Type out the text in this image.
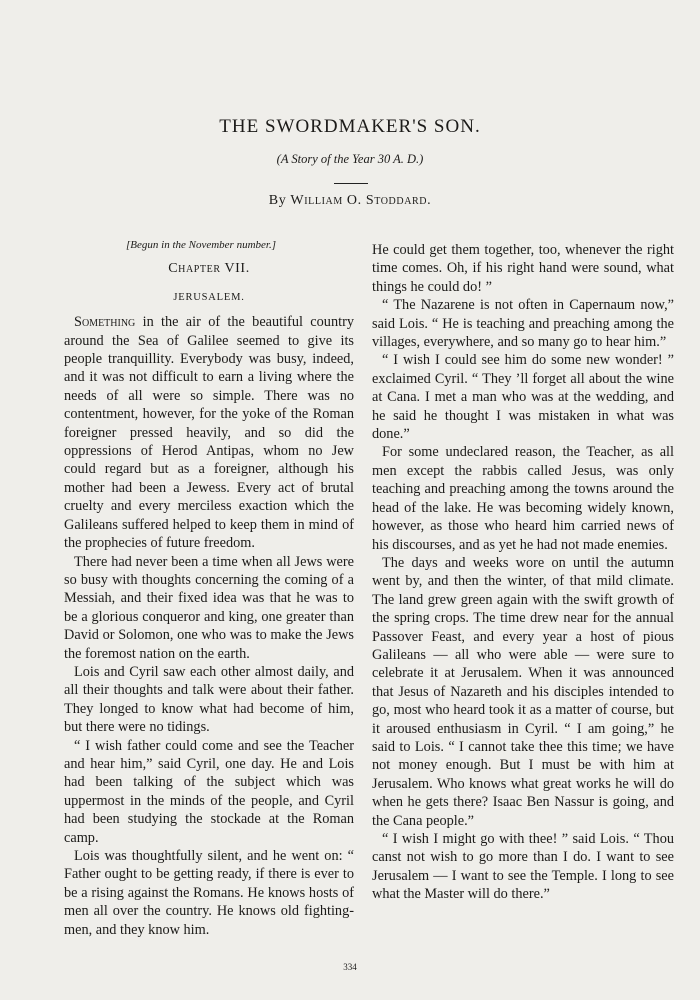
THE SWORDMAKER'S SON.
(A Story of the Year 30 A. D.)
By William O. Stoddard.
[Begun in the November number.]
Chapter VII.
JERUSALEM.

Something in the air of the beautiful country around the Sea of Galilee seemed to give its people tranquillity. Everybody was busy, indeed, and it was not difficult to earn a living where the needs of all were so simple. There was no contentment, however, for the yoke of the Roman foreigner pressed heavily, and so did the oppressions of Herod Antipas, whom no Jew could regard but as a foreigner, although his mother had been a Jewess. Every act of brutal cruelty and every merciless exaction which the Galileans suffered helped to keep them in mind of the prophecies of future freedom.

There had never been a time when all Jews were so busy with thoughts concerning the coming of a Messiah, and their fixed idea was that he was to be a glorious conqueror and king, one greater than David or Solomon, one who was to make the Jews the foremost nation on the earth.

Lois and Cyril saw each other almost daily, and all their thoughts and talk were about their father. They longed to know what had become of him, but there were no tidings.

“ I wish father could come and see the Teacher and hear him,” said Cyril, one day. He and Lois had been talking of the subject which was uppermost in the minds of the people, and Cyril had been studying the stockade at the Roman camp.

Lois was thoughtfully silent, and he went on: “ Father ought to be getting ready, if there is ever to be a rising against the Romans. He knows hosts of men all over the country. He knows old fighting-men, and they know him.

He could get them together, too, whenever the right time comes. Oh, if his right hand were sound, what things he could do! ”

“ The Nazarene is not often in Capernaum now,” said Lois. “ He is teaching and preaching among the villages, everywhere, and so many go to hear him.”

“ I wish I could see him do some new wonder! ” exclaimed Cyril. “ They ’ll forget all about the wine at Cana. I met a man who was at the wedding, and he said he thought I was mistaken in what was done.”

For some undeclared reason, the Teacher, as all men except the rabbis called Jesus, was only teaching and preaching among the towns around the head of the lake. He was becoming widely known, however, as those who heard him carried news of his discourses, and as yet he had not made enemies.

The days and weeks wore on until the autumn went by, and then the winter, of that mild climate. The land grew green again with the swift growth of the spring crops. The time drew near for the annual Passover Feast, and every year a host of pious Galileans — all who were able — were sure to celebrate it at Jerusalem. When it was announced that Jesus of Nazareth and his disciples intended to go, most who heard took it as a matter of course, but it aroused enthusiasm in Cyril. “ I am going,” he said to Lois. “ I cannot take thee this time; we have not money enough. But I must be with him at Jerusalem. Who knows what great works he will do when he gets there? Isaac Ben Nassur is going, and the Cana people.”

“ I wish I might go with thee! ” said Lois. “ Thou canst not wish to go more than I do. I want to see Jerusalem — I want to see the Temple. I long to see what the Master will do there.”

334
